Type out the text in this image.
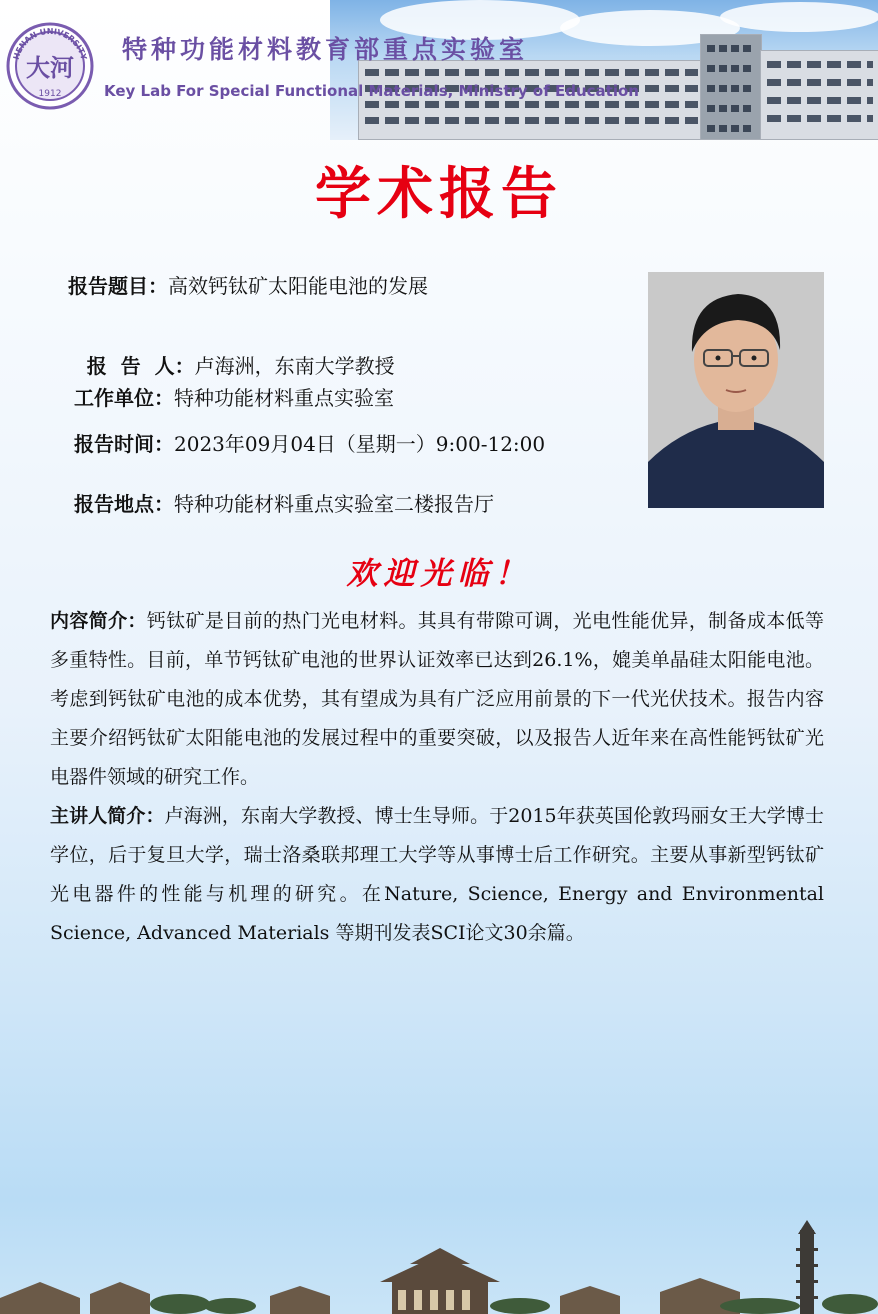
HENAN UNIVERSITY
大河
1912
特种功能材料教育部重点实验室
Key Lab For Special Functional Materials, Ministry of Education
学术报告
报告题目：高效钙钛矿太阳能电池的发展

报  告  人：卢海洲，东南大学教授

工作单位：特种功能材料重点实验室
报告时间：2023年09月04日（星期一）9:00-12:00
报告地点：特种功能材料重点实验室二楼报告厅
欢迎光临！
内容简介：钙钛矿是目前的热门光电材料。其具有带隙可调，光电性能优异，制备成本低等多重特性。目前，单节钙钛矿电池的世界认证效率已达到26.1%，媲美单晶硅太阳能电池。考虑到钙钛矿电池的成本优势，其有望成为具有广泛应用前景的下一代光伏技术。报告内容主要介绍钙钛矿太阳能电池的发展过程中的重要突破，以及报告人近年来在高性能钙钛矿光电器件领域的研究工作。
主讲人简介：卢海洲，东南大学教授、博士生导师。于2015年获英国伦敦玛丽女王大学博士学位，后于复旦大学，瑞士洛桑联邦理工大学等从事博士后工作研究。主要从事新型钙钛矿光电器件的性能与机理的研究。在Nature, Science, Energy and Environmental Science, Advanced Materials 等期刊发表SCI论文30余篇。
